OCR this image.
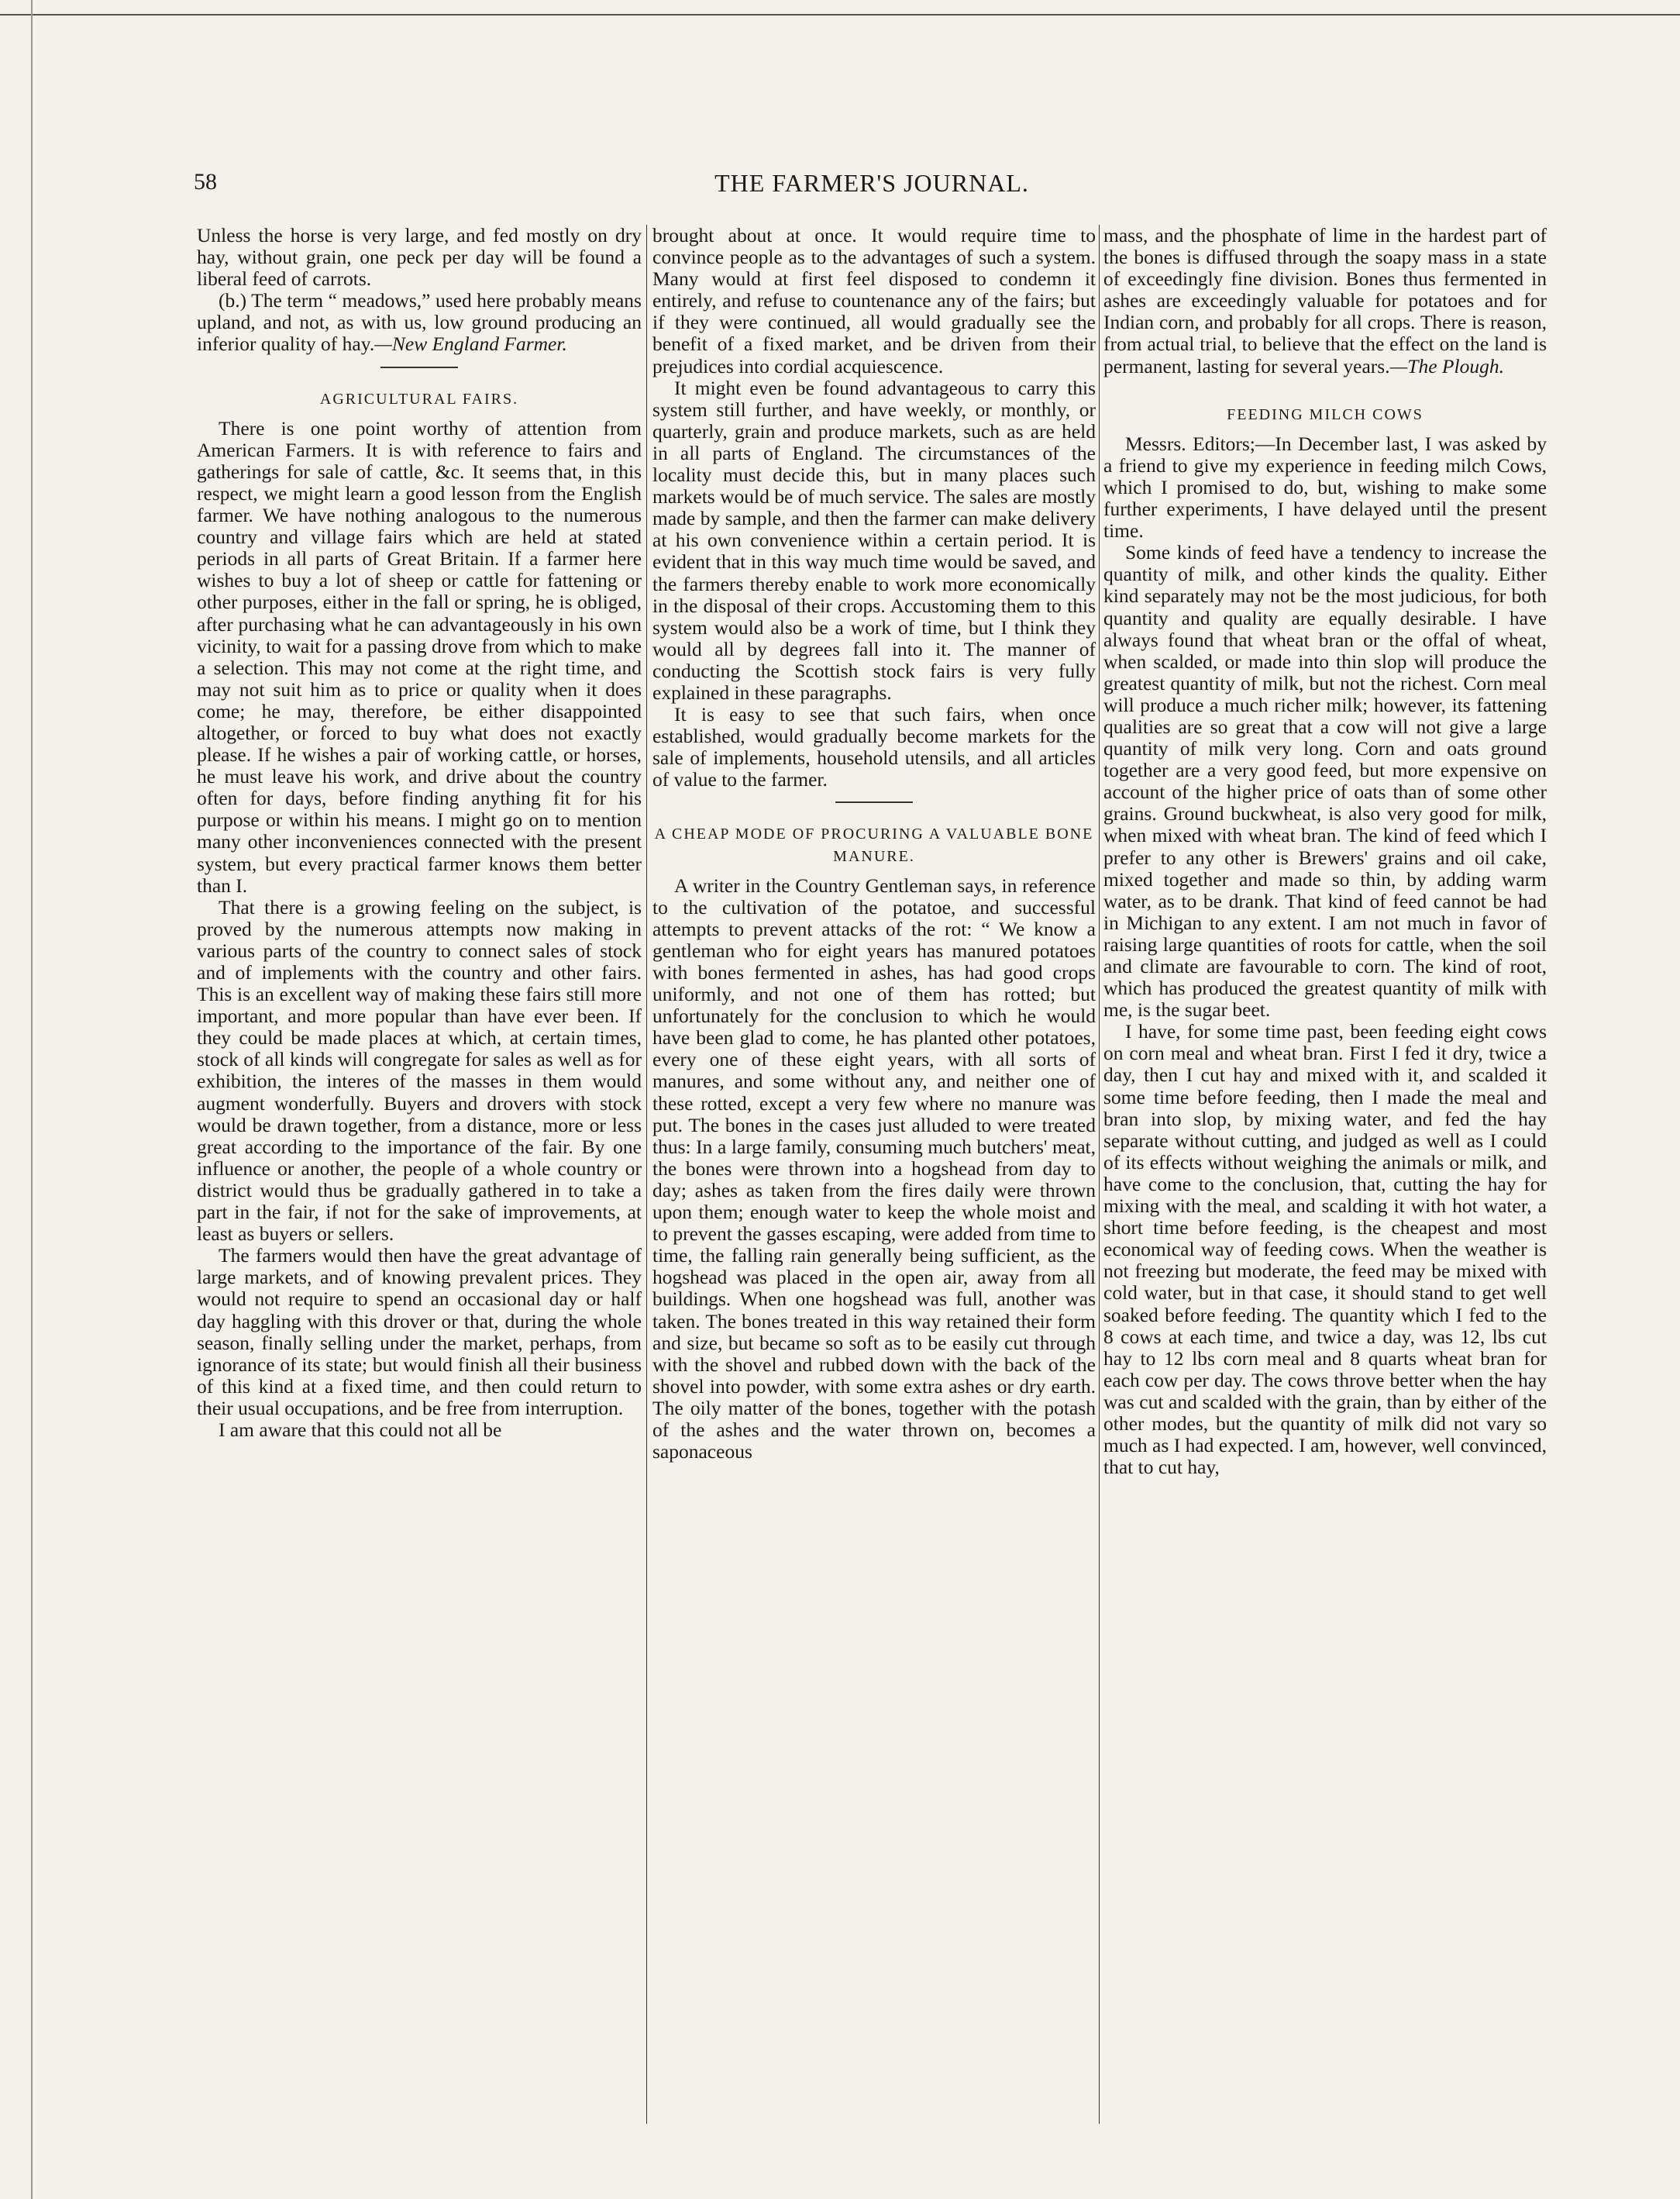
58	THE FARMER'S JOURNAL.

Unless the horse is very large, and fed mostly on dry hay, without grain, one peck per day will be found a liberal feed of carrots.

(b.) The term “ meadows,” used here probably means upland, and not, as with us, low ground producing an inferior quality of hay.—New England Farmer.

AGRICULTURAL FAIRS.

There is one point worthy of attention from American Farmers. It is with reference to fairs and gatherings for sale of cattle, &c. It seems that, in this respect, we might learn a good lesson from the English farmer. We have nothing analogous to the numerous country and village fairs which are held at stated periods in all parts of Great Britain. If a farmer here wishes to buy a lot of sheep or cattle for fattening or other purposes, either in the fall or spring, he is obliged, after purchasing what he can advantageously in his own vicinity, to wait for a passing drove from which to make a selection. This may not come at the right time, and may not suit him as to price or quality when it does come; he may, therefore, be either disappointed altogether, or forced to buy what does not exactly please. If he wishes a pair of working cattle, or horses, he must leave his work, and drive about the country often for days, before finding anything fit for his purpose or within his means. I might go on to mention many other inconveniences connected with the present system, but every practical farmer knows them better than I.

That there is a growing feeling on the subject, is proved by the numerous attempts now making in various parts of the country to connect sales of stock and of implements with the country and other fairs. This is an excellent way of making these fairs still more important, and more popular than have ever been. If they could be made places at which, at certain times, stock of all kinds will congregate for sales as well as for exhibition, the interes of the masses in them would augment wonderfully. Buyers and drovers with stock would be drawn together, from a distance, more or less great according to the importance of the fair. By one influence or another, the people of a whole country or district would thus be gradually gathered in to take a part in the fair, if not for the sake of improvements, at least as buyers or sellers.

The farmers would then have the great advantage of large markets, and of knowing prevalent prices. They would not require to spend an occasional day or half day haggling with this drover or that, during the whole season, finally selling under the market, perhaps, from ignorance of its state; but would finish all their business of this kind at a fixed time, and then could return to their usual occupations, and be free from interruption.

I am aware that this could not all be

brought about at once. It would require time to convince people as to the advantages of such a system. Many would at first feel disposed to condemn it entirely, and refuse to countenance any of the fairs; but if they were continued, all would gradually see the benefit of a fixed market, and be driven from their prejudices into cordial acquiescence.

It might even be found advantageous to carry this system still further, and have weekly, or monthly, or quarterly, grain and produce markets, such as are held in all parts of England. The circumstances of the locality must decide this, but in many places such markets would be of much service. The sales are mostly made by sample, and then the farmer can make delivery at his own convenience within a certain period. It is evident that in this way much time would be saved, and the farmers thereby enable to work more economically in the disposal of their crops. Accustoming them to this system would also be a work of time, but I think they would all by degrees fall into it. The manner of conducting the Scottish stock fairs is very fully explained in these paragraphs.

It is easy to see that such fairs, when once established, would gradually become markets for the sale of implements, household utensils, and all articles of value to the farmer.

A CHEAP MODE OF PROCURING A VALUABLE BONE MANURE.

A writer in the Country Gentleman says, in reference to the cultivation of the potatoe, and successful attempts to prevent attacks of the rot: “ We know a gentleman who for eight years has manured potatoes with bones fermented in ashes, has had good crops uniformly, and not one of them has rotted; but unfortunately for the conclusion to which he would have been glad to come, he has planted other potatoes, every one of these eight years, with all sorts of manures, and some without any, and neither one of these rotted, except a very few where no manure was put. The bones in the cases just alluded to were treated thus: In a large family, consuming much butchers' meat, the bones were thrown into a hogshead from day to day; ashes as taken from the fires daily were thrown upon them; enough water to keep the whole moist and to prevent the gasses escaping, were added from time to time, the falling rain generally being sufficient, as the hogshead was placed in the open air, away from all buildings. When one hogshead was full, another was taken. The bones treated in this way retained their form and size, but became so soft as to be easily cut through with the shovel and rubbed down with the back of the shovel into powder, with some extra ashes or dry earth. The oily matter of the bones, together with the potash of the ashes and the water thrown on, becomes a saponaceous

mass, and the phosphate of lime in the hardest part of the bones is diffused through the soapy mass in a state of exceedingly fine division. Bones thus fermented in ashes are exceedingly valuable for potatoes and for Indian corn, and probably for all crops. There is reason, from actual trial, to believe that the effect on the land is permanent, lasting for several years.—The Plough.

FEEDING MILCH COWS

Messrs. Editors;—In December last, I was asked by a friend to give my experience in feeding milch Cows, which I promised to do, but, wishing to make some further experiments, I have delayed until the present time.

Some kinds of feed have a tendency to increase the quantity of milk, and other kinds the quality. Either kind separately may not be the most judicious, for both quantity and quality are equally desirable. I have always found that wheat bran or the offal of wheat, when scalded, or made into thin slop will produce the greatest quantity of milk, but not the richest. Corn meal will produce a much richer milk; however, its fattening qualities are so great that a cow will not give a large quantity of milk very long. Corn and oats ground together are a very good feed, but more expensive on account of the higher price of oats than of some other grains. Ground buckwheat, is also very good for milk, when mixed with wheat bran. The kind of feed which I prefer to any other is Brewers' grains and oil cake, mixed together and made so thin, by adding warm water, as to be drank. That kind of feed cannot be had in Michigan to any extent. I am not much in favor of raising large quantities of roots for cattle, when the soil and climate are favourable to corn. The kind of root, which has produced the greatest quantity of milk with me, is the sugar beet.

I have, for some time past, been feeding eight cows on corn meal and wheat bran. First I fed it dry, twice a day, then I cut hay and mixed with it, and scalded it some time before feeding, then I made the meal and bran into slop, by mixing water, and fed the hay separate without cutting, and judged as well as I could of its effects without weighing the animals or milk, and have come to the conclusion, that, cutting the hay for mixing with the meal, and scalding it with hot water, a short time before feeding, is the cheapest and most economical way of feeding cows. When the weather is not freezing but moderate, the feed may be mixed with cold water, but in that case, it should stand to get well soaked before feeding. The quantity which I fed to the 8 cows at each time, and twice a day, was 12, lbs cut hay to 12 lbs corn meal and 8 quarts wheat bran for each cow per day. The cows throve better when the hay was cut and scalded with the grain, than by either of the other modes, but the quantity of milk did not vary so much as I had expected. I am, however, well convinced, that to cut hay,
